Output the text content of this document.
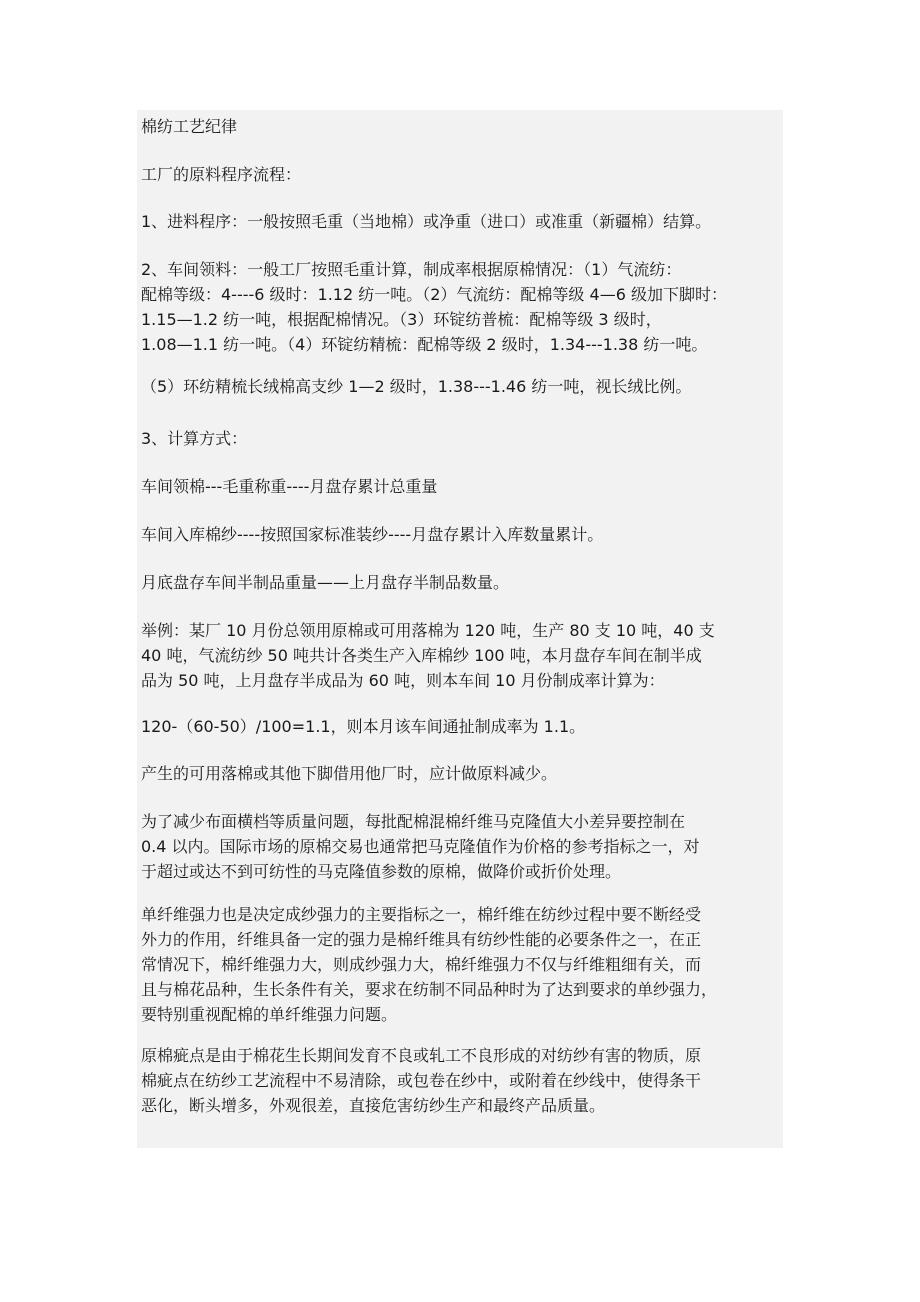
棉纺工艺纪律

工厂的原料程序流程：

1、进料程序：一般按照毛重（当地棉）或净重（进口）或准重（新疆棉）结算。

2、车间领料：一般工厂按照毛重计算，制成率根据原棉情况：（1）气流纺：
配棉等级：4----6 级时：1.12 纺一吨。（2）气流纺：配棉等级 4—6 级加下脚时：
1.15—1.2 纺一吨，根据配棉情况。（3）环锭纺普梳：配棉等级 3 级时，
1.08—1.1 纺一吨。（4）环锭纺精梳：配棉等级 2 级时，1.34---1.38 纺一吨。

（5）环纺精梳长绒棉高支纱 1—2 级时，1.38---1.46 纺一吨，视长绒比例。

3、计算方式：

车间领棉---毛重称重----月盘存累计总重量

车间入库棉纱----按照国家标准装纱----月盘存累计入库数量累计。

月底盘存车间半制品重量——上月盘存半制品数量。

举例：某厂 10 月份总领用原棉或可用落棉为 120 吨，生产 80 支 10 吨，40 支
40 吨，气流纺纱 50 吨共计各类生产入库棉纱 100 吨，本月盘存车间在制半成
品为 50 吨，上月盘存半成品为 60 吨，则本车间 10 月份制成率计算为：

120-（60-50）/100=1.1，则本月该车间通扯制成率为 1.1。

产生的可用落棉或其他下脚借用他厂时，应计做原料减少。

为了减少布面横档等质量问题，每批配棉混棉纤维马克隆值大小差异要控制在
0.4 以内。国际市场的原棉交易也通常把马克隆值作为价格的参考指标之一，对
于超过或达不到可纺性的马克隆值参数的原棉，做降价或折价处理。

单纤维强力也是决定成纱强力的主要指标之一，棉纤维在纺纱过程中要不断经受
外力的作用，纤维具备一定的强力是棉纤维具有纺纱性能的必要条件之一，在正
常情况下，棉纤维强力大，则成纱强力大，棉纤维强力不仅与纤维粗细有关，而
且与棉花品种，生长条件有关，要求在纺制不同品种时为了达到要求的单纱强力，
要特别重视配棉的单纤维强力问题。

原棉疵点是由于棉花生长期间发育不良或轧工不良形成的对纺纱有害的物质，原
棉疵点在纺纱工艺流程中不易清除，或包卷在纱中，或附着在纱线中，使得条干
恶化，断头增多，外观很差，直接危害纺纱生产和最终产品质量。
